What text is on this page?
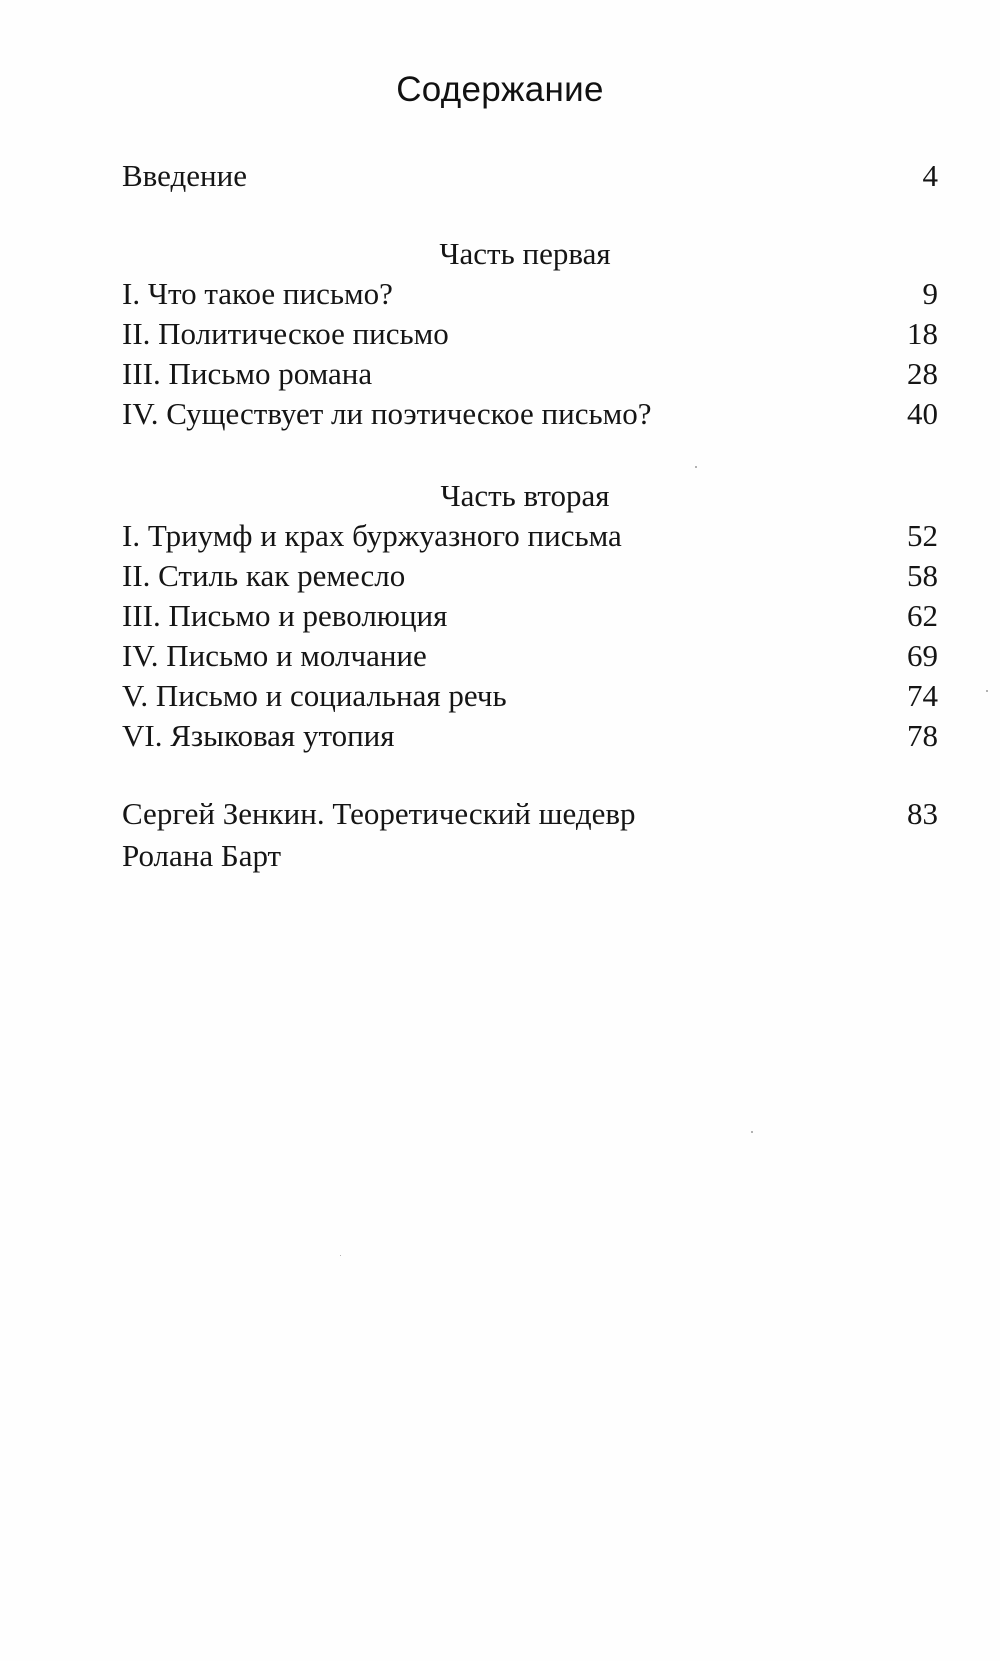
Содержание
Введение	4
Часть первая
I. Что такое письмо?	9
II. Политическое письмо	18
III. Письмо романа	28
IV. Существует ли поэтическое письмо?	40
Часть вторая
I. Триумф и крах буржуазного письма	52
II. Стиль как ремесло	58
III. Письмо и революция	62
IV. Письмо и молчание	69
V. Письмо и социальная речь	74
VI. Языковая утопия	78
Сергей Зенкин. Теоретический шедевр	83
Ролана Барт
